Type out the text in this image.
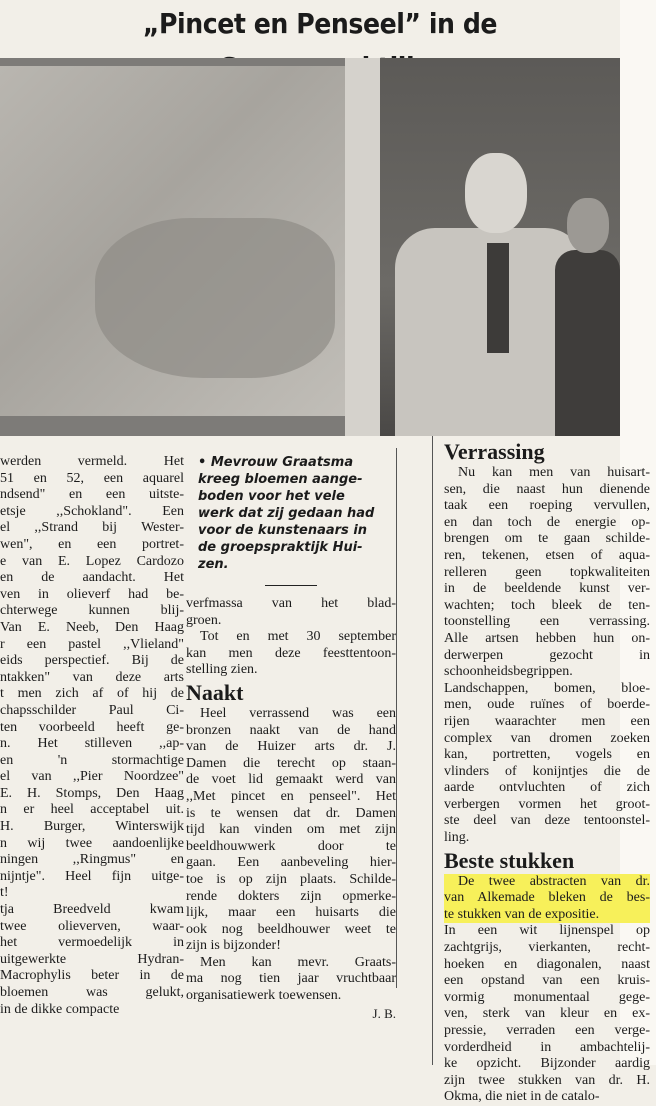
„Pincet en Penseel” in de

werden vermeld. Het

51 en 52, een aquarel

ndsend" en een uitste-

etsje ,,Schokland". Een

el ,,Strand bij Wester-

wen", en een portret-

e van E. Lopez Cardozo

en de aandacht. Het

ven in olieverf had be-

chterwege kunnen blij-

Van E. Neeb, Den Haag

r een pastel ,,Vlieland"

eids perspectief. Bij de

ntakken" van deze arts

t men zich af of hij de

chapsschilder Paul Ci-

ten voorbeeld heeft ge-

n. Het stilleven ,,ap-

en 'n stormachtige

el van ,,Pier Noordzee"

E. H. Stomps, Den Haag

n er heel acceptabel uit.

H. Burger, Winterswijk

n wij twee aandoenlijke

ningen ,,Ringmus" en

nijntje". Heel fijn uitge-

t!

tja Breedveld kwam

twee olieverven, waar-

het vermoedelijk in

uitgewerkte Hydran-

Macrophylis beter in de

bloemen was gelukt,

in de dikke compacte

• Mevrouw Graatsma

kreeg bloemen aange-

boden voor het vele

werk dat zij gedaan had

voor de kunstenaars in

de groepspraktijk Hui-

zen.

verfmassa van het blad-

groen.

Tot en met 30 september

kan men deze feesttentoon-

stelling zien.

Naakt

Heel verrassend was een

bronzen naakt van de hand

van de Huizer arts dr. J.

Damen die terecht op staan-

de voet lid gemaakt werd van

,,Met pincet en penseel". Het

is te wensen dat dr. Damen

tijd kan vinden om met zijn

beeldhouwwerk door te

gaan. Een aanbeveling hier-

toe is op zijn plaats. Schilde-

rende dokters zijn opmerke-

lijk, maar een huisarts die

ook nog beeldhouwer weet te

zijn is bijzonder!

Men kan mevr. Graats-

ma nog tien jaar vruchtbaar

organisatiewerk toewensen.

J. B.
Verrassing

Nu kan men van huisart-

sen, die naast hun dienende

taak een roeping vervullen,

en dan toch de energie op-

brengen om te gaan schilde-

ren, tekenen, etsen of aqua-

relleren geen topkwaliteiten

in de beeldende kunst ver-

wachten; toch bleek de ten-

toonstelling een verrassing.

Alle artsen hebben hun on-

derwerpen gezocht in

schoonheidsbegrippen.

Landschappen, bomen, bloe-

men, oude ruïnes of boerde-

rijen waarachter men een

complex van dromen zoeken

kan, portretten, vogels en

vlinders of konijntjes die de

aarde ontvluchten of zich

verbergen vormen het groot-

ste deel van deze tentoonstel-

ling.

Beste stukken

De twee abstracten van dr.

van Alkemade bleken de bes-

te stukken van de expositie.

In een wit lijnenspel op

zachtgrijs, vierkanten, recht-

hoeken en diagonalen, naast

een opstand van een kruis-

vormig monumentaal gege-

ven, sterk van kleur en ex-

pressie, verraden een verge-

vorderdheid in ambachtelij-

ke opzicht. Bijzonder aardig

zijn twee stukken van dr. H.

Okma, die niet in de catalo-
